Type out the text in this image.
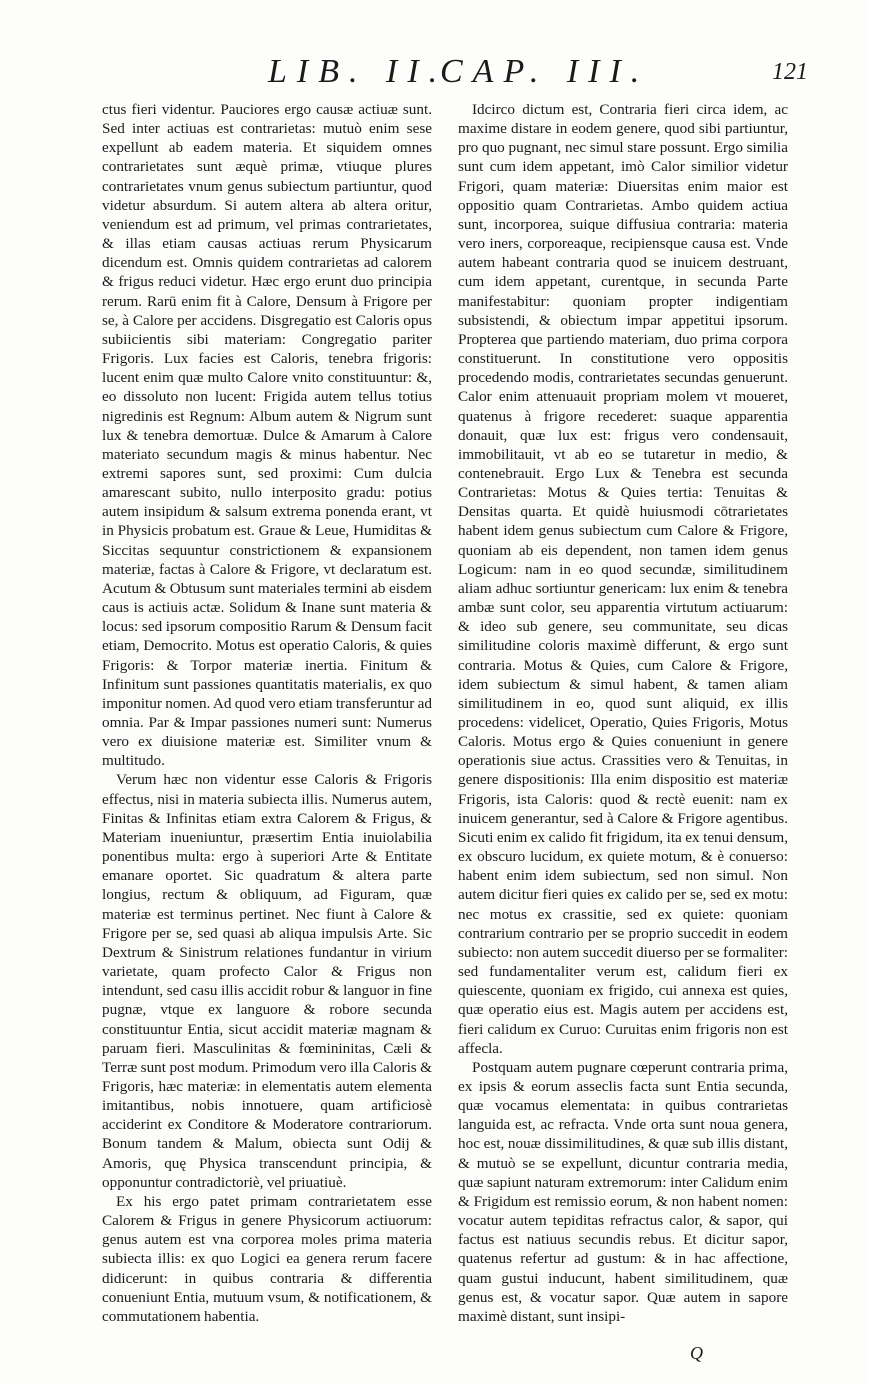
LIB. II.
CAP. III.	121

ctus fieri videntur. Pauciores ergo causæ actiuæ sunt. Sed inter actiuas est contrarietas: mutuò enim sese expellunt ab eadem materia. Et siquidem omnes contrarietates sunt æquè primæ, vtiuque plures contrarietates vnum genus subiectum partiuntur, quod videtur absurdum. Si autem altera ab altera oritur, veniendum est ad primum, vel primas contrarietates, & illas etiam causas actiuas rerum Physicarum dicendum est. Omnis quidem contrarietas ad calorem & frigus reduci videtur. Hæc ergo erunt duo principia rerum. Rarū enim fit à Calore, Densum à Frigore per se, à Calore per accidens. Disgregatio est Caloris opus subiicientis sibi materiam: Congregatio pariter Frigoris. Lux facies est Caloris, tenebra frigoris: lucent enim quæ multo Calore vnito constituuntur: &, eo dissoluto non lucent: Frigida autem tellus totius nigredinis est Regnum: Album autem & Nigrum sunt lux & tenebra demortuæ. Dulce & Amarum à Calore materiato secundum magis & minus habentur. Nec extremi sapores sunt, sed proximi: Cum dulcia amarescant subito, nullo interposito gradu: potius autem insipidum & salsum extrema ponenda erant, vt in Physicis probatum est. Graue & Leue, Humiditas & Siccitas sequuntur constrictionem & expansionem materiæ, factas à Calore & Frigore, vt declaratum est. Acutum & Obtusum sunt materiales termini ab eisdem caus is actiuis actæ. Solidum & Inane sunt materia & locus: sed ipsorum compositio Rarum & Densum facit etiam, Democrito. Motus est operatio Caloris, & quies Frigoris: & Torpor materiæ inertia. Finitum & Infinitum sunt passiones quantitatis materialis, ex quo imponitur nomen. Ad quod vero etiam transferuntur ad omnia. Par & Impar passiones numeri sunt: Numerus vero ex diuisione materiæ est. Similiter vnum & multitudo.

Verum hæc non videntur esse Caloris & Frigoris effectus, nisi in materia subiecta illis. Numerus autem, Finitas & Infinitas etiam extra Calorem & Frigus, & Materiam inueniuntur, præsertim Entia inuiolabilia ponentibus multa: ergo à superiori Arte & Entitate emanare oportet. Sic quadratum & altera parte longius, rectum & obliquum, ad Figuram, quæ materiæ est terminus pertinet. Nec fiunt à Calore & Frigore per se, sed quasi ab aliqua impulsis Arte. Sic Dextrum & Sinistrum relationes fundantur in virium varietate, quam profecto Calor & Frigus non intendunt, sed casu illis accidit robur & languor in fine pugnæ, vtque ex languore & robore secunda constituuntur Entia, sicut accidit materiæ magnam & paruam fieri. Masculinitas & fœmininitas, Cæli & Terræ sunt post modum. Primodum vero illa Caloris & Frigoris, hæc materiæ: in elementatis autem elementa imitantibus, nobis innotuere, quam artificiosè acciderint ex Conditore & Moderatore contrariorum. Bonum tandem & Malum, obiecta sunt Odij & Amoris, quę Physica transcendunt principia, & opponuntur contradictoriè, vel priuatiuè.

Ex his ergo patet primam contrarietatem esse Calorem & Frigus in genere Physicorum actiuorum: genus autem est vna corporea moles prima materia subiecta illis: ex quo Logici ea genera rerum facere didicerunt: in quibus contraria & differentia conueniunt Entia, mutuum vsum, & notificationem, & commutationem habentia.

Idcirco dictum est, Contraria fieri circa idem, ac maxime distare in eodem genere, quod sibi partiuntur, pro quo pugnant, nec simul stare possunt. Ergo similia sunt cum idem appetant, imò Calor similior videtur Frigori, quam materiæ: Diuersitas enim maior est oppositio quam Contrarietas. Ambo quidem actiua sunt, incorporea, suique diffusiua contraria: materia vero iners, corporeaque, recipiensque causa est. Vnde autem habeant contraria quod se inuicem destruant, cum idem appetant, curentque, in secunda Parte manifestabitur: quoniam propter indigentiam subsistendi, & obiectum impar appetitui ipsorum. Propterea que partiendo materiam, duo prima corpora constituerunt. In constitutione vero oppositis procedendo modis, contrarietates secundas genuerunt. Calor enim attenuauit propriam molem vt moueret, quatenus à frigore recederet: suaque apparentia donauit, quæ lux est: frigus vero condensauit, immobilitauit, vt ab eo se tutaretur in medio, & contenebrauit. Ergo Lux & Tenebra est secunda Contrarietas: Motus & Quies tertia: Tenuitas & Densitas quarta. Et quidè huiusmodi cōtrarietates habent idem genus subiectum cum Calore & Frigore, quoniam ab eis dependent, non tamen idem genus Logicum: nam in eo quod secundæ, similitudinem aliam adhuc sortiuntur genericam: lux enim & tenebra ambæ sunt color, seu apparentia virtutum actiuarum: & ideo sub genere, seu communitate, seu dicas similitudine coloris maximè differunt, & ergo sunt contraria. Motus & Quies, cum Calore & Frigore, idem subiectum & simul habent, & tamen aliam similitudinem in eo, quod sunt aliquid, ex illis procedens: videlicet, Operatio, Quies Frigoris, Motus Caloris. Motus ergo & Quies conueniunt in genere operationis siue actus. Crassities vero & Tenuitas, in genere dispositionis: Illa enim dispositio est materiæ Frigoris, ista Caloris: quod & rectè euenit: nam ex inuicem generantur, sed à Calore & Frigore agentibus. Sicuti enim ex calido fit frigidum, ita ex tenui densum, ex obscuro lucidum, ex quiete motum, & è conuerso: habent enim idem subiectum, sed non simul. Non autem dicitur fieri quies ex calido per se, sed ex motu: nec motus ex crassitie, sed ex quiete: quoniam contrarium contrario per se proprio succedit in eodem subiecto: non autem succedit diuerso per se formaliter: sed fundamentaliter verum est, calidum fieri ex quiescente, quoniam ex frigido, cui annexa est quies, quæ operatio eius est. Magis autem per accidens est, fieri calidum ex Curuo: Curuitas enim frigoris non est affecla.

Postquam autem pugnare cœperunt contraria prima, ex ipsis & eorum asseclis facta sunt Entia secunda, quæ vocamus elementata: in quibus contrarietas languida est, ac refracta. Vnde orta sunt noua genera, hoc est, nouæ dissimilitudines, & quæ sub illis distant, & mutuò se se expellunt, dicuntur contraria media, quæ sapiunt naturam extremorum: inter Calidum enim & Frigidum est remissio eorum, & non habent nomen: vocatur autem tepiditas refractus calor, & sapor, qui factus est natiuus secundis rebus. Et dicitur sapor, quatenus refertur ad gustum: & in hac affectione, quam gustui inducunt, habent similitudinem, quæ genus est, & vocatur sapor. Quæ autem in sapore maximè distant, sunt insipi-

Q
